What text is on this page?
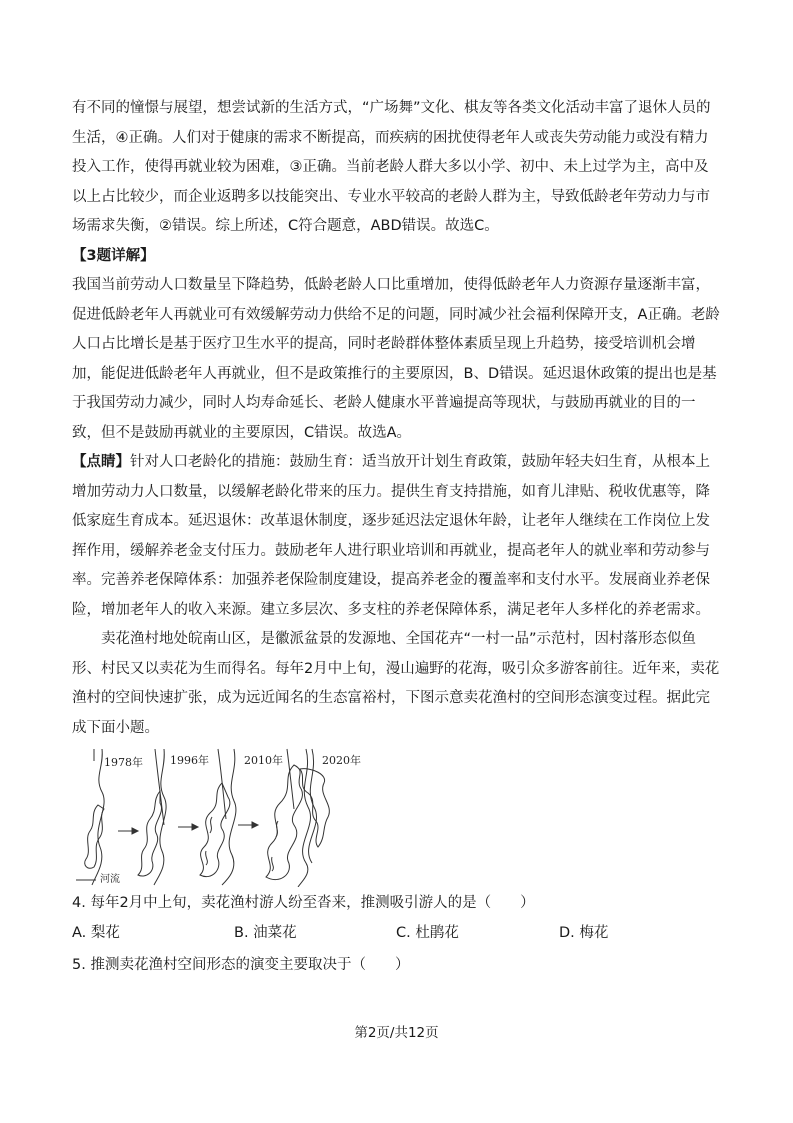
有不同的憧憬与展望，想尝试新的生活方式，“广场舞”文化、棋友等各类文化活动丰富了退休人员的生活，④正确。人们对于健康的需求不断提高，而疾病的困扰使得老年人或丧失劳动能力或没有精力投入工作，使得再就业较为困难，③正确。当前老龄人群大多以小学、初中、未上过学为主，高中及以上占比较少，而企业返聘多以技能突出、专业水平较高的老龄人群为主，导致低龄老年劳动力与市场需求失衡，②错误。综上所述，C符合题意，ABD错误。故选C。

【3题详解】

我国当前劳动人口数量呈下降趋势，低龄老龄人口比重增加，使得低龄老年人力资源存量逐渐丰富，促进低龄老年人再就业可有效缓解劳动力供给不足的问题，同时减少社会福利保障开支，A正确。老龄人口占比增长是基于医疗卫生水平的提高，同时老龄群体整体素质呈现上升趋势，接受培训机会增加，能促进低龄老年人再就业，但不是政策推行的主要原因，B、D错误。延迟退休政策的提出也是基于我国劳动力减少，同时人均寿命延长、老龄人健康水平普遍提高等现状，与鼓励再就业的目的一致，但不是鼓励再就业的主要原因，C错误。故选A。

【点睛】针对人口老龄化的措施：鼓励生育：适当放开计划生育政策，鼓励年轻夫妇生育，从根本上增加劳动力人口数量，以缓解老龄化带来的压力。提供生育支持措施，如育儿津贴、税收优惠等，降低家庭生育成本。延迟退休：改革退休制度，逐步延迟法定退休年龄，让老年人继续在工作岗位上发挥作用，缓解养老金支付压力。鼓励老年人进行职业培训和再就业，提高老年人的就业率和劳动参与率。完善养老保障体系：加强养老保险制度建设，提高养老金的覆盖率和支付水平。发展商业养老保险，增加老年人的收入来源。建立多层次、多支柱的养老保障体系，满足老年人多样化的养老需求。

卖花渔村地处皖南山区，是徽派盆景的发源地、全国花卉“一村一品”示范村，因村落形态似鱼形、村民又以卖花为生而得名。每年2月中上旬，漫山遍野的花海，吸引众多游客前往。近年来，卖花渔村的空间快速扩张，成为远近闻名的生态富裕村，下图示意卖花渔村的空间形态演变过程。据此完成下面小题。

1978年 1996年	2010年	2020年
河流

4. 每年2月中上旬，卖花渔村游人纷至沓来，推测吸引游人的是（　　）

A. 梨花	B. 油菜花	C. 杜鹃花	D. 梅花

5. 推测卖花渔村空间形态的演变主要取决于（　　）

第2页/共12页
